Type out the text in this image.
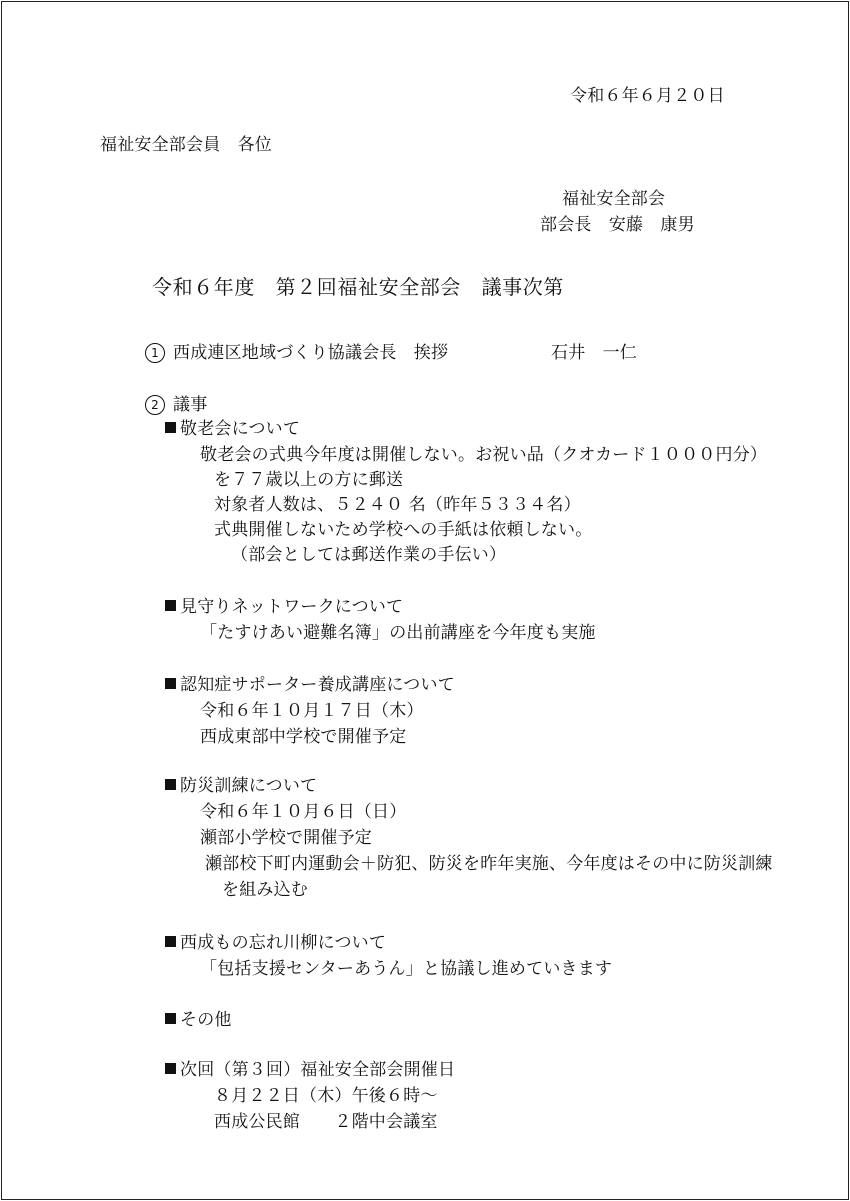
令和６年６月２０日
福祉安全部会員　各位
福祉安全部会
部会長　安藤　康男
令和６年度　第２回福祉安全部会　議事次第
1 西成連区地域づくり協議会長　挨拶	石井　一仁
2 議事
敬老会について
敬老会の式典今年度は開催しない。お祝い品（クオカード１０００円分）
を７７歳以上の方に郵送
対象者人数は、５２４０ 名（昨年５３３４名）
式典開催しないため学校への手紙は依頼しない。
（部会としては郵送作業の手伝い）
見守りネットワークについて
「たすけあい避難名簿」の出前講座を今年度も実施
認知症サポーター養成講座について
令和６年１０月１７日（木）
西成東部中学校で開催予定
防災訓練について
令和６年１０月６日（日）
瀬部小学校で開催予定
瀬部校下町内運動会＋防犯、防災を昨年実施、今年度はその中に防災訓練
を組み込む
西成もの忘れ川柳について
「包括支援センターあうん」と協議し進めていきます
その他
次回（第３回）福祉安全部会開催日
８月２２日（木）午後６時～
西成公民館　　２階中会議室
